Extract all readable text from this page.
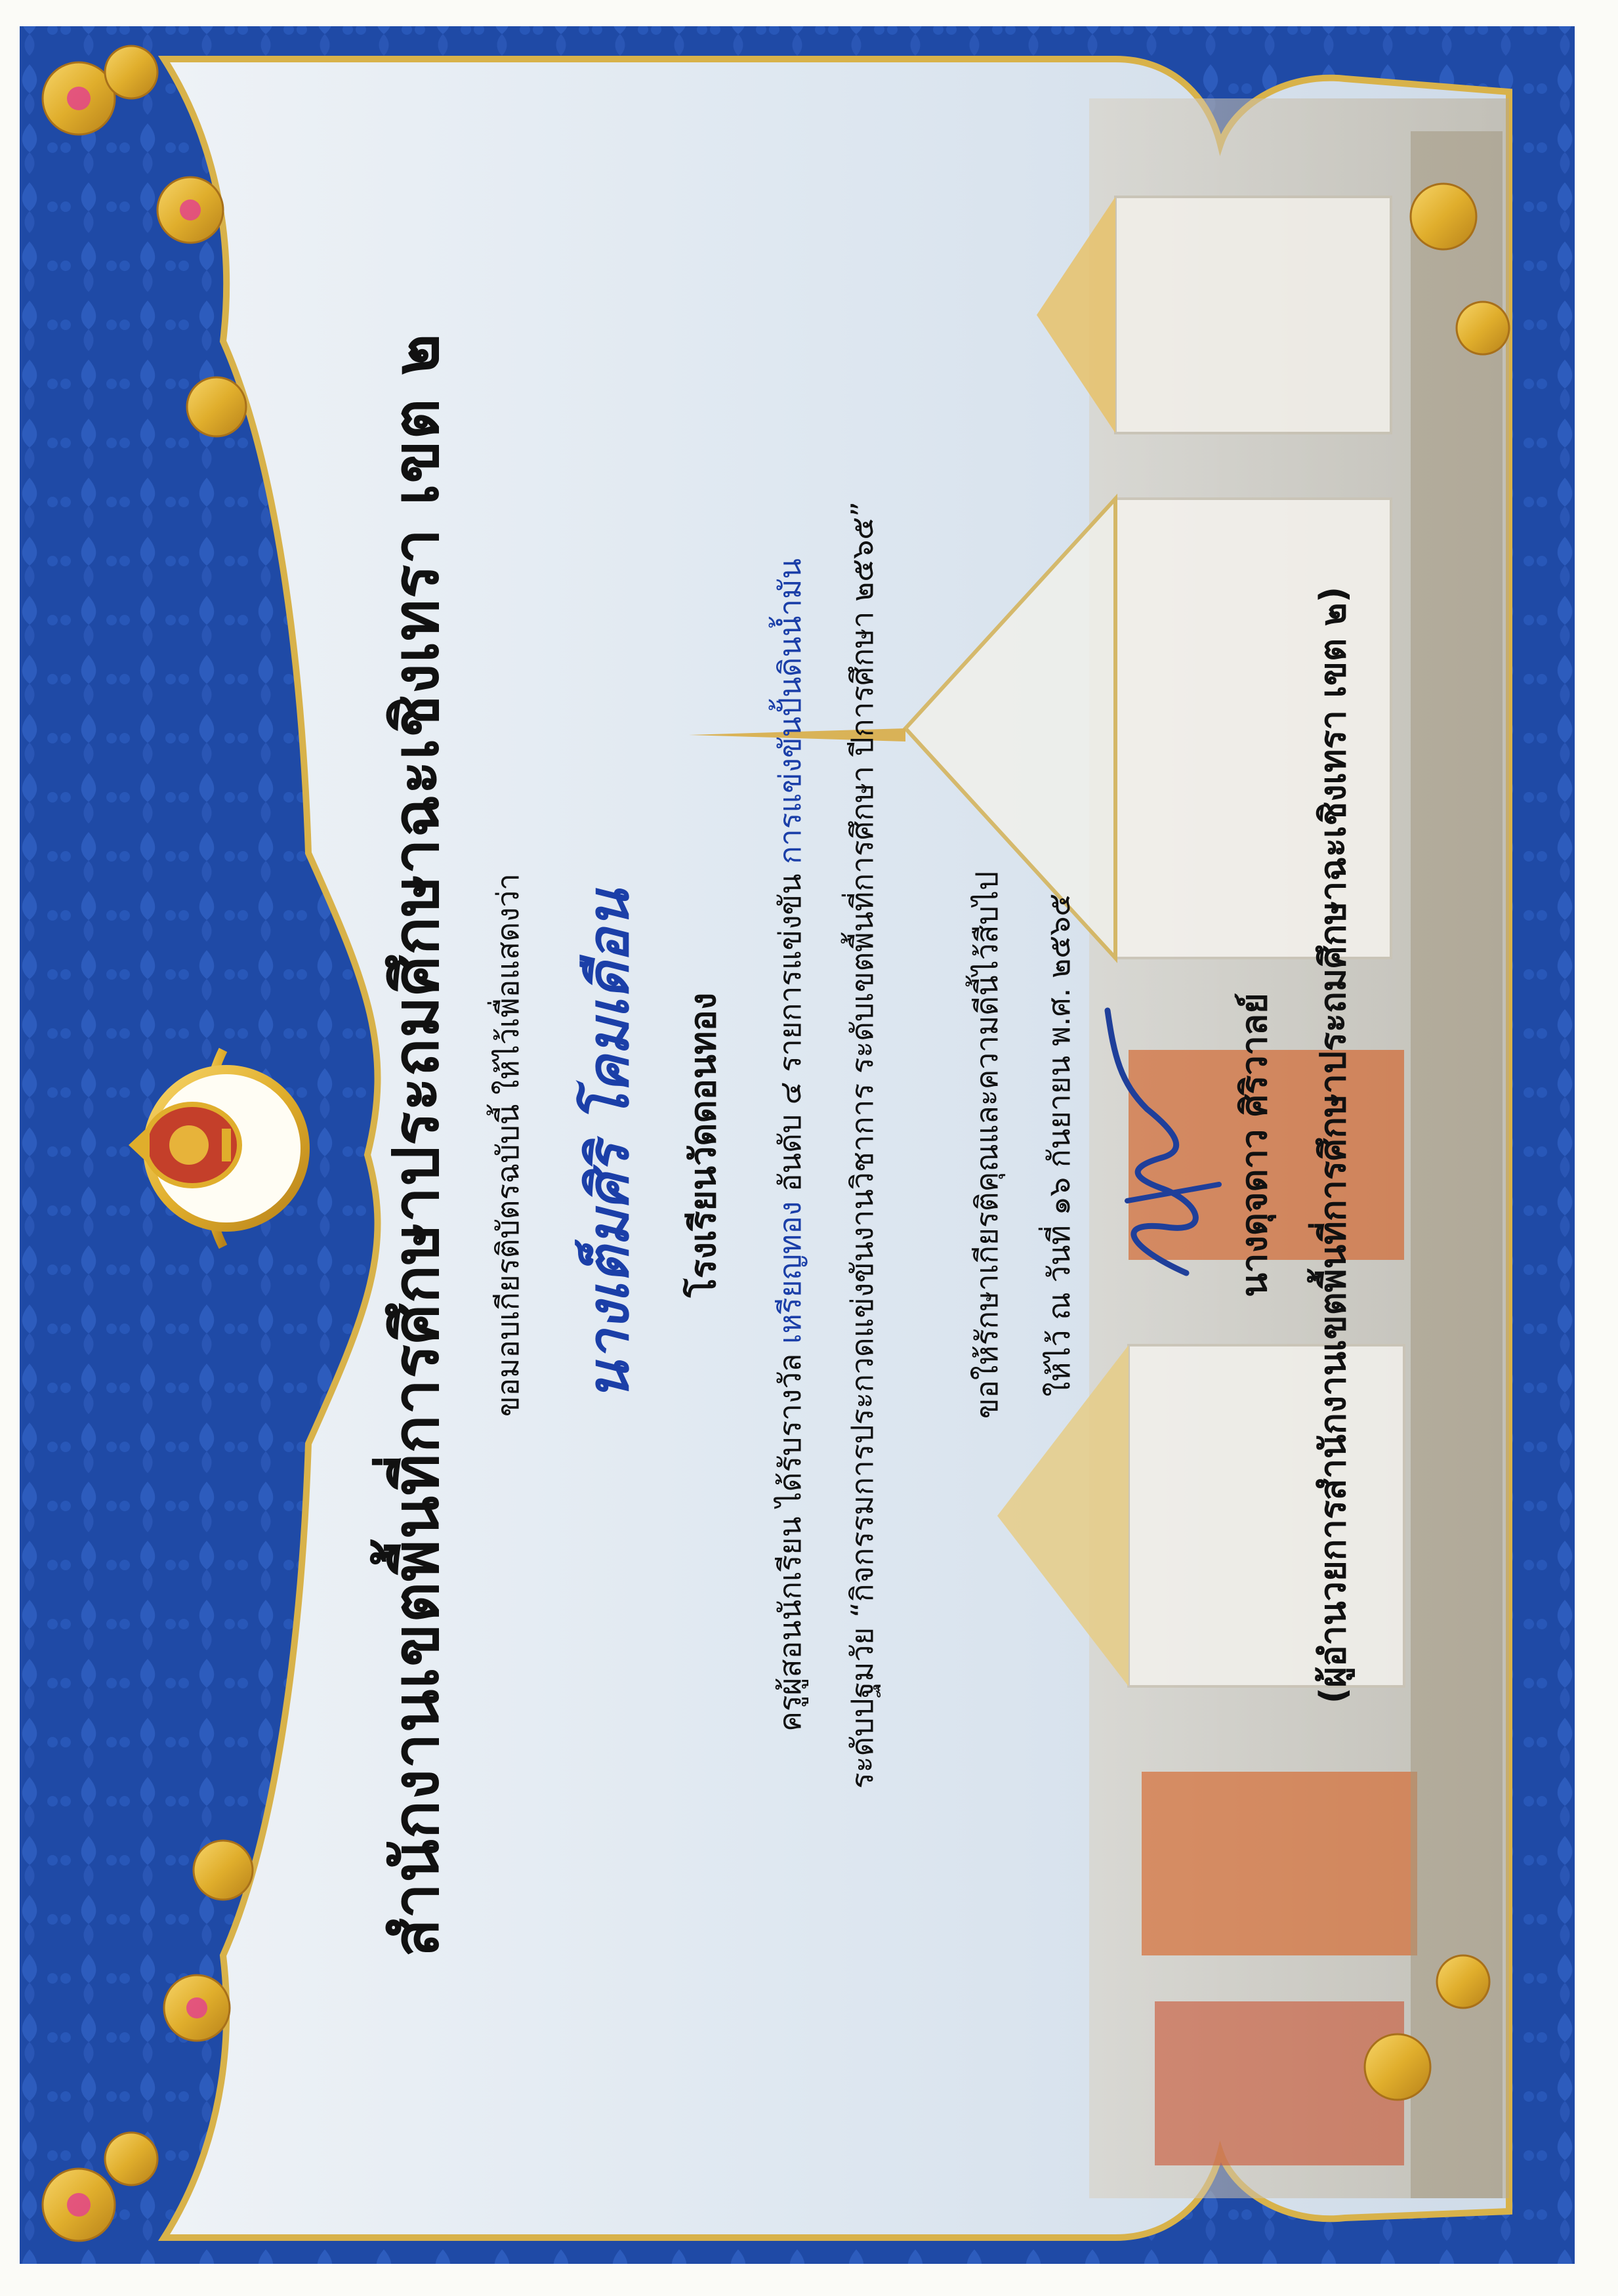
สำนักงานเขตพื้นที่การศึกษาประถมศึกษาฉะเชิงเทรา เขต ๒	ขอมอบเกียรติบัตรฉบับนี้ ให้ไว้เพื่อแสดงว่า นางเต็มศิริ โคมเดือน	โรงเรียนวัดดอนทอง
ครูผู้สอนนักเรียน ได้รับรางวัล เหรียญทอง อันดับ ๔ รายการแข่งขัน การแข่งขันปั้นดินน้ำมัน ระดับปฐมวัย “กิจกรรมการประกวดแข่งขันงานวิชาการ ระดับเขตพื้นที่การศึกษา ปีการศึกษา ๒๕๖๕”	ขอให้รักษาเกียรติคุณและความดีนี้ไว้สืบไป ให้ไว้ ณ วันที่ ๑๖ กันยายน พ.ศ. ๒๕๖๕	นางดุจดาว ศิริวาลย์ (ผู้อำนวยการสำนักงานเขตพื้นที่การศึกษาประถมศึกษาฉะเชิงเทรา เขต ๒)
